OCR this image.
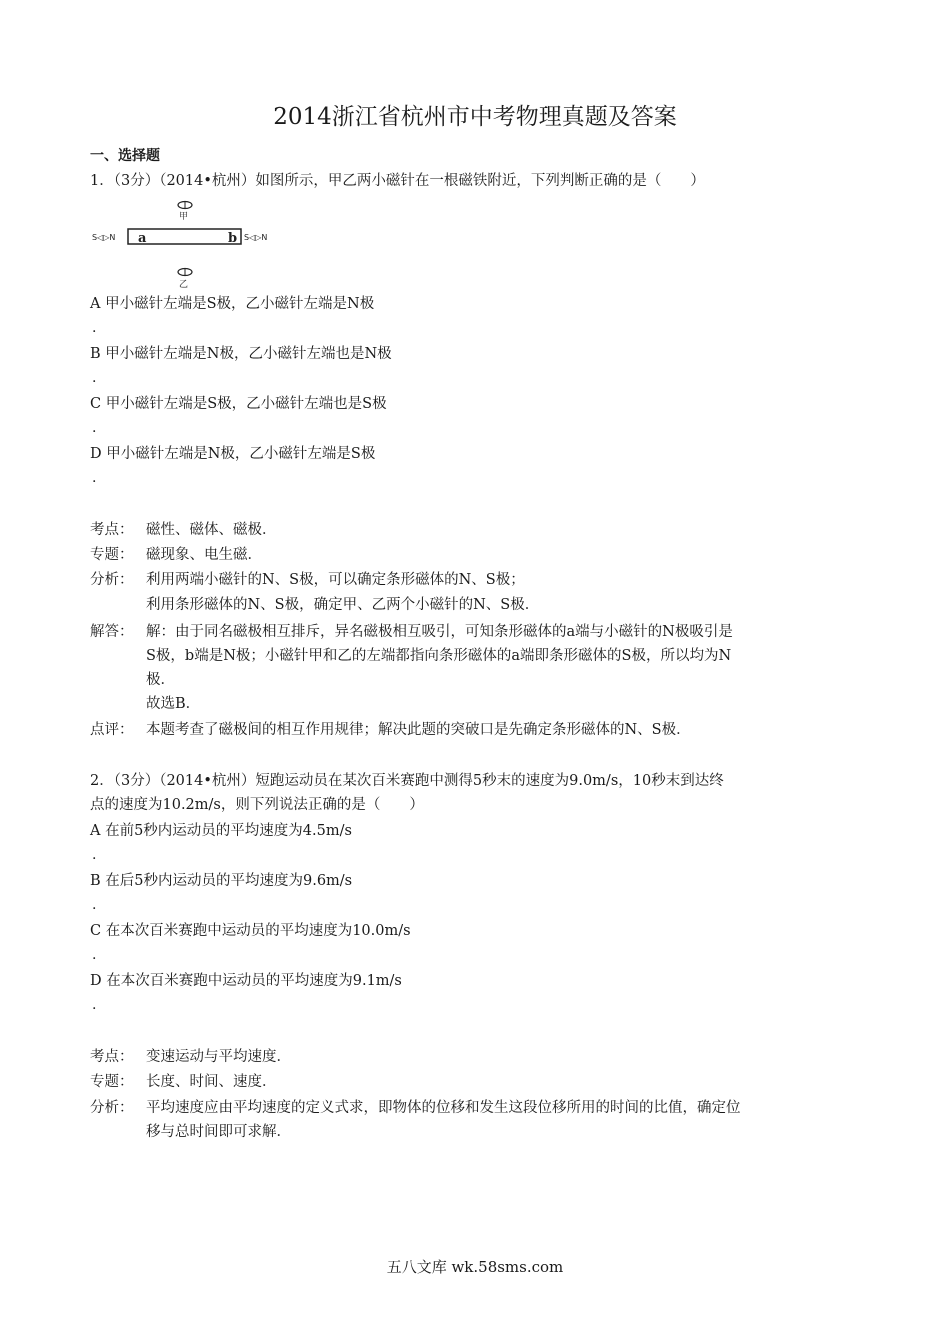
2014浙江省杭州市中考物理真题及答案
一、选择题
1．（3分）（2014•杭州）如图所示，甲乙两小磁针在一根磁铁附近，下列判断正确的是（　　）
甲
a	b
S◁▷N	S◁▷N
乙
A 甲小磁针左端是S极，乙小磁针左端是N极
.
B 甲小磁针左端是N极，乙小磁针左端也是N极
.
C 甲小磁针左端是S极，乙小磁针左端也是S极
.
D 甲小磁针左端是N极，乙小磁针左端是S极
.
考点： 磁性、磁体、磁极．
专题： 磁现象、电生磁．
分析： 利用两端小磁针的N、S极，可以确定条形磁体的N、S极；
利用条形磁体的N、S极，确定甲、乙两个小磁针的N、S极．
解答： 解：由于同名磁极相互排斥，异名磁极相互吸引，可知条形磁体的a端与小磁针的N极吸引是
S极，b端是N极；小磁针甲和乙的左端都指向条形磁体的a端即条形磁体的S极，所以均为N
极．
故选B．
点评： 本题考查了磁极间的相互作用规律；解决此题的突破口是先确定条形磁体的N、S极．
2．（3分）（2014•杭州）短跑运动员在某次百米赛跑中测得5秒末的速度为9.0m/s，10秒末到达终
点的速度为10.2m/s，则下列说法正确的是（　　）
A 在前5秒内运动员的平均速度为4.5m/s
.
B 在后5秒内运动员的平均速度为9.6m/s
.
C 在本次百米赛跑中运动员的平均速度为10.0m/s
.
D 在本次百米赛跑中运动员的平均速度为9.1m/s
.
考点： 变速运动与平均速度．
专题： 长度、时间、速度．
分析： 平均速度应由平均速度的定义式求，即物体的位移和发生这段位移所用的时间的比值，确定位
移与总时间即可求解．
五八文库 wk.58sms.com
